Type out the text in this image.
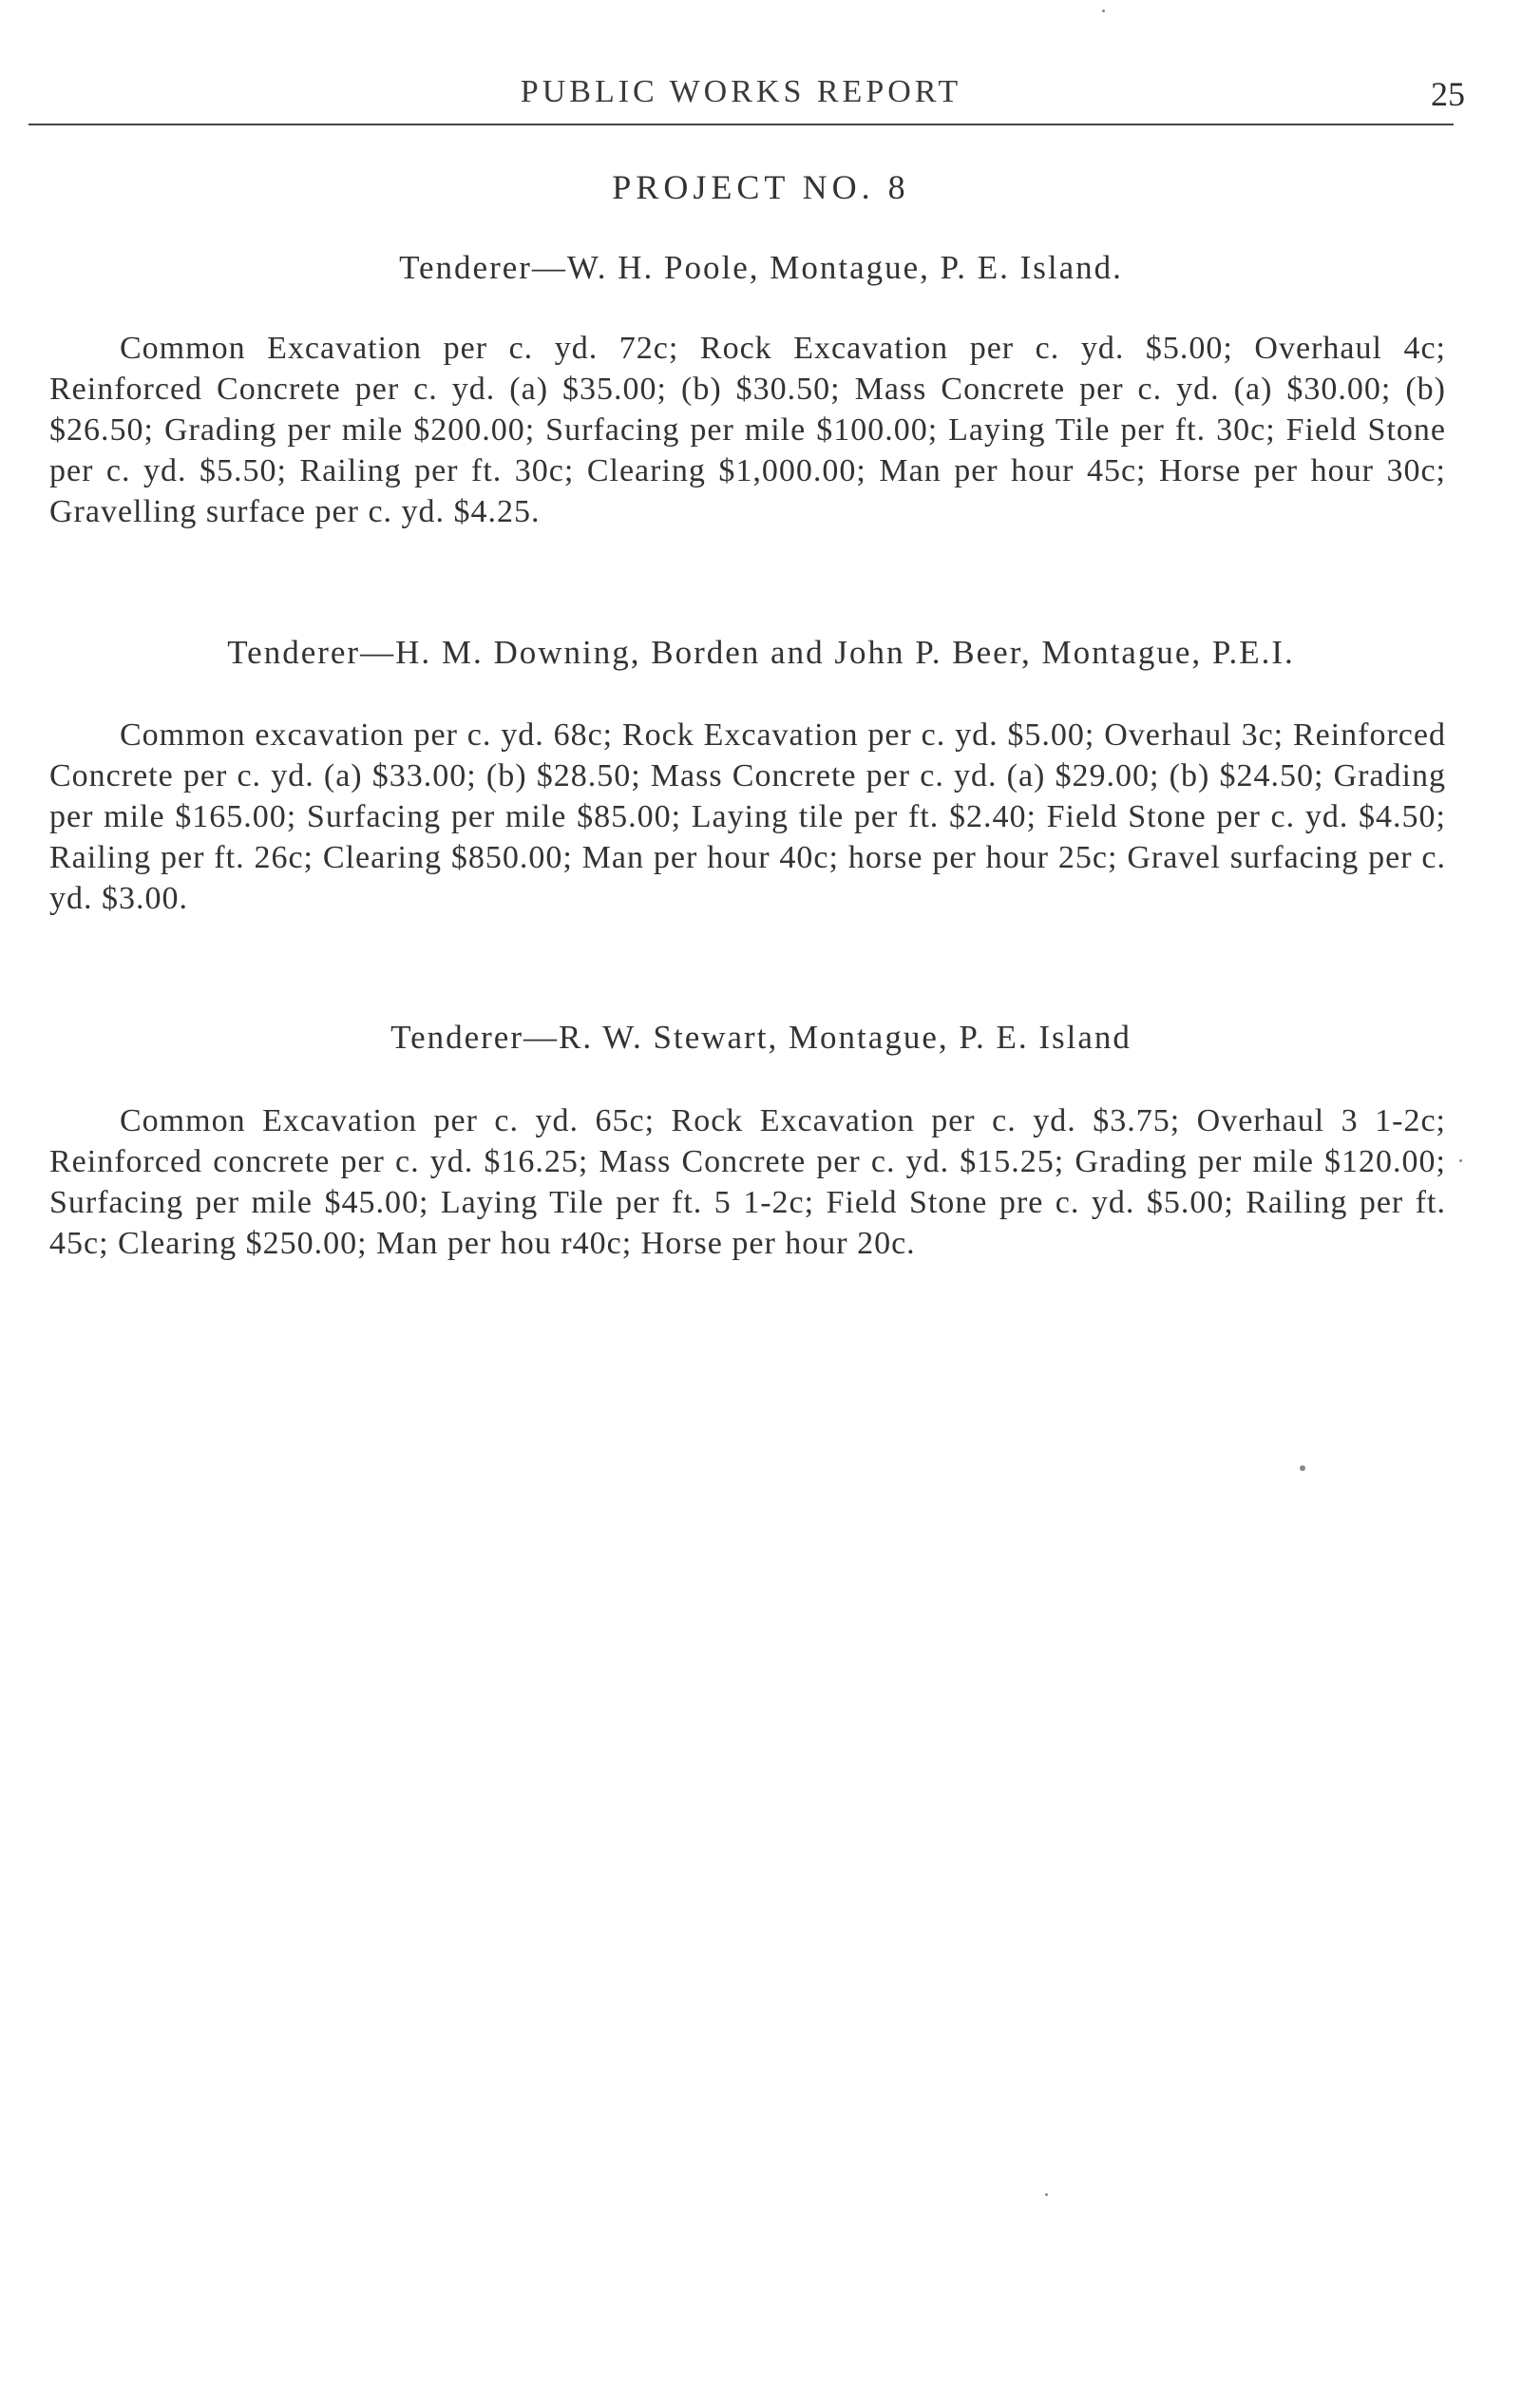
PUBLIC WORKS REPORT	25
PROJECT NO. 8
Tenderer—W. H. Poole, Montague, P. E. Island.

Common Excavation per c. yd. 72c; Rock Excavation per c. yd. $5.00; Overhaul 4c; Reinforced Concrete per c. yd. (a) $35.00; (b) $30.50; Mass Concrete per c. yd. (a) $30.00; (b) $26.50; Grading per mile $200.00; Surfacing per mile $100.00; Laying Tile per ft. 30c; Field Stone per c. yd. $5.50; Railing per ft. 30c; Clearing $1,000.00; Man per hour 45c; Horse per hour 30c; Gravelling surface per c. yd. $4.25.

Tenderer—H. M. Downing, Borden and John P. Beer, Montague, P.E.I.

Common excavation per c. yd. 68c; Rock Excavation per c. yd. $5.00; Overhaul 3c; Reinforced Concrete per c. yd. (a) $33.00; (b) $28.50; Mass Concrete per c. yd. (a) $29.00; (b) $24.50; Grading per mile $165.00; Surfacing per mile $85.00; Laying tile per ft. $2.40; Field Stone per c. yd. $4.50; Railing per ft. 26c; Clearing $850.00; Man per hour 40c; horse per hour 25c; Gravel surfacing per c. yd. $3.00.

Tenderer—R. W. Stewart, Montague, P. E. Island

Common Excavation per c. yd. 65c; Rock Excavation per c. yd. $3.75; Overhaul 3 1-2c; Reinforced concrete per c. yd. $16.25; Mass Concrete per c. yd. $15.25; Grading per mile $120.00; Surfacing per mile $45.00; Laying Tile per ft. 5 1-2c; Field Stone pre c. yd. $5.00; Railing per ft. 45c; Clearing $250.00; Man per hou r40c; Horse per hour 20c.
